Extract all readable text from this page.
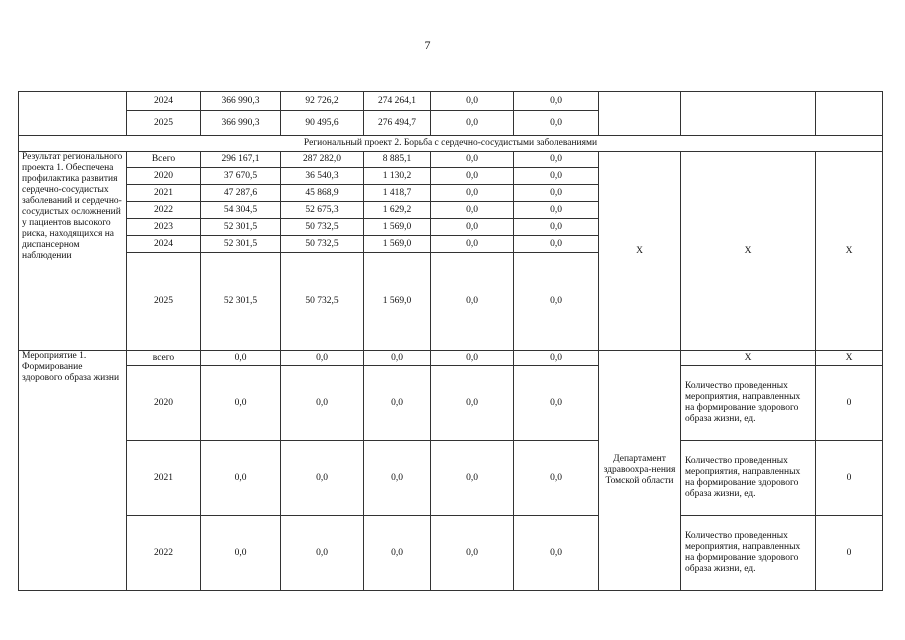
7
	2024	366 990,3	92 726,2	274 264,1	0,0	0,0			
	2025	366 990,3	90 495,6	276 494,7	0,0	0,0			
Региональный проект 2. Борьба с сердечно-сосудистыми заболеваниями									
Результат регионального проекта 1. Обеспечена профилактика развития сердечно-сосудистых заболеваний и сердечно-сосудистых осложнений у пациентов высокого риска, находящихся на диспансерном наблюдении	Всего	296 167,1	287 282,0	8 885,1	0,0	0,0	X	X	X
	2020	37 670,5	36 540,3	1 130,2	0,0	0,0			
	2021	47 287,6	45 868,9	1 418,7	0,0	0,0			
	2022	54 304,5	52 675,3	1 629,2	0,0	0,0			
	2023	52 301,5	50 732,5	1 569,0	0,0	0,0			
	2024	52 301,5	50 732,5	1 569,0	0,0	0,0			
	2025	52 301,5	50 732,5	1 569,0	0,0	0,0			
Мероприятие 1. Формирование здорового образа жизни	всего	0,0	0,0	0,0	0,0	0,0	Департамент здравоохра-нения Томской области	X	X
	2020	0,0	0,0	0,0	0,0	0,0		Количество проведенных мероприятия, направленных на формирование здорового образа жизни, ед.	0
	2021	0,0	0,0	0,0	0,0	0,0		Количество проведенных мероприятия, направленных на формирование здорового образа жизни, ед.	0
	2022	0,0	0,0	0,0	0,0	0,0		Количество проведенных мероприятия, направленных на формирование здорового образа жизни, ед.	0
